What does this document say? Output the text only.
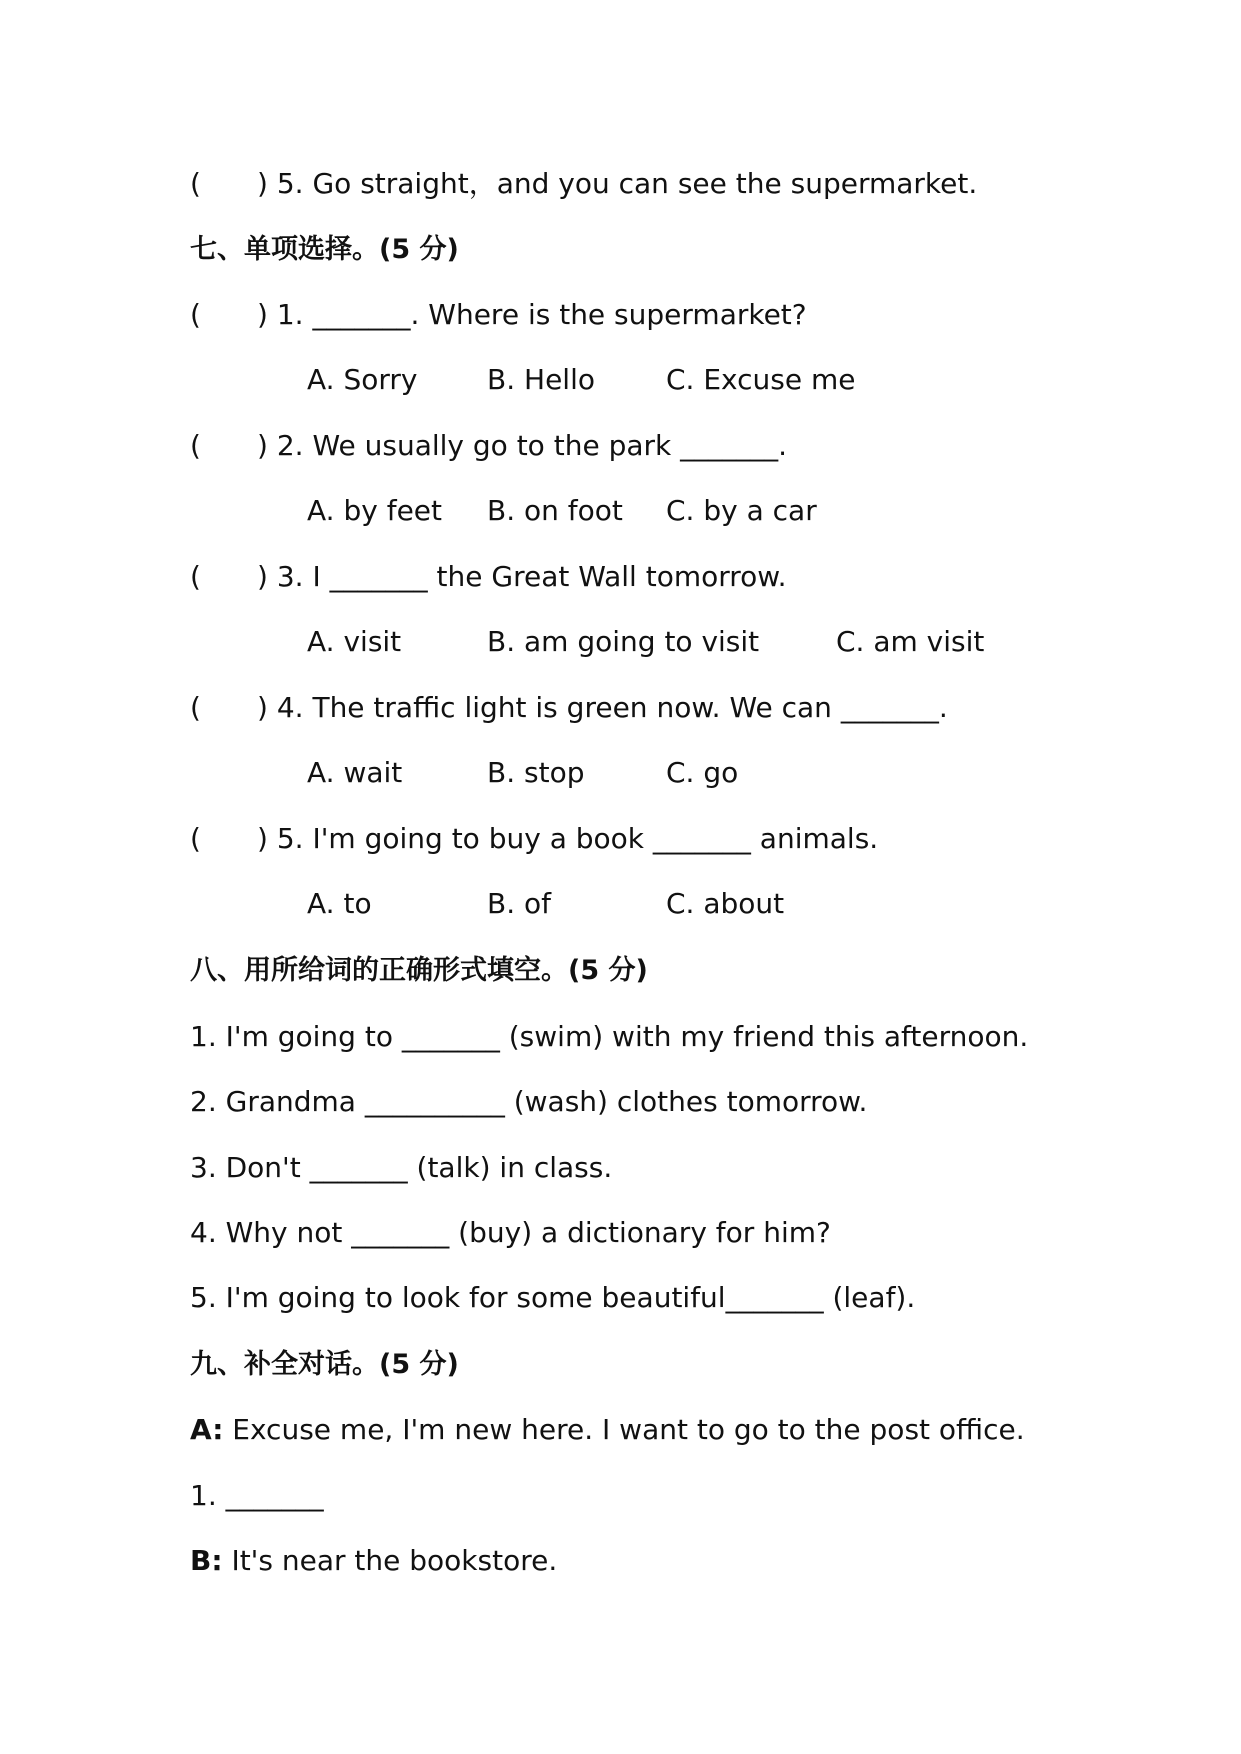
( ) 5. Go straight，and you can see the supermarket.
七、单项选择。(5 分)
( ) 1. _______. Where is the supermarket?
A. Sorry B. Hello	C. Excuse me
( ) 2. We usually go to the park _______.
A. by feet B. on foot C. by a car
( ) 3. I _______ the Great Wall tomorrow.
A. visit	B. am going to visit	C. am visit
( ) 4. The traffic light is green now. We can _______.
A. wait	B. stop	C. go
( ) 5. I'm going to buy a book _______ animals.
A. to	B. of	C. about
八、用所给词的正确形式填空。(5 分)
1. I'm going to _______ (swim) with my friend this afternoon.
2. Grandma __________ (wash) clothes tomorrow.
3. Don't _______ (talk) in class.
4. Why not _______ (buy) a dictionary for him?
5. I'm going to look for some beautiful_______ (leaf).
九、补全对话。(5 分)
A: Excuse me, I'm new here. I want to go to the post office.
1. _______
B: It's near the bookstore.
